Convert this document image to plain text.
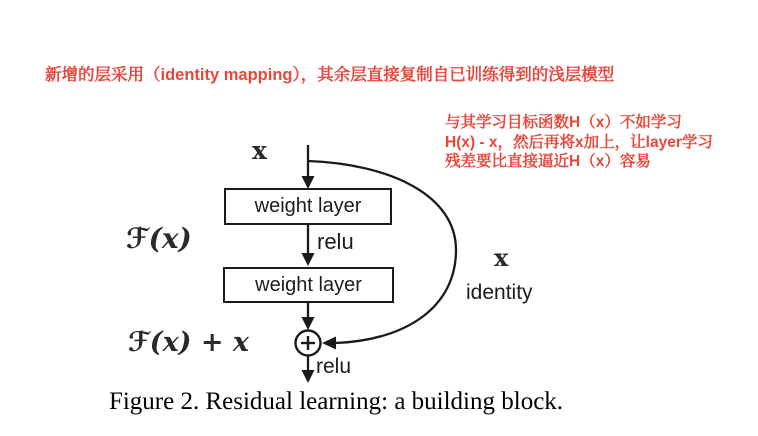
新增的层采用（identity mapping），其余层直接复制自已训练得到的浅层模型
与其学习目标函数H（x）不如学习
H(x) - x，然后再将x加上，让layer学习
残差要比直接逼近H（x）容易
x
weight layer
relu
weight layer
ℱ(x)
ℱ(x) + x
x
identity
relu
Figure 2. Residual learning: a building block.
